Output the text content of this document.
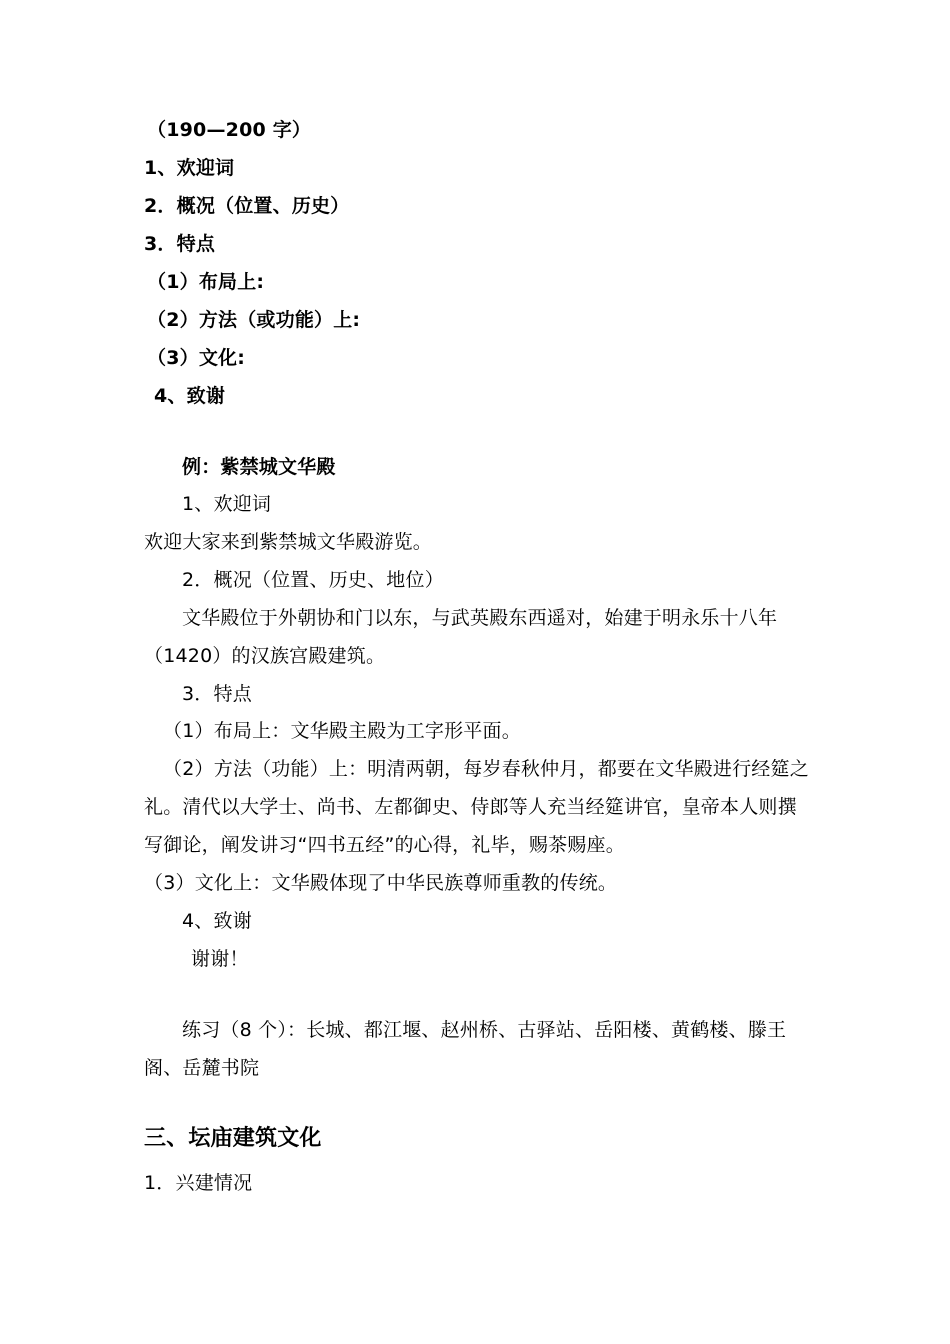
（190—200 字）
1、欢迎词
2．概况（位置、历史）
3．特点
（1）布局上:
（2）方法（或功能）上:
（3）文化:
4、致谢
例：紫禁城文华殿
1、欢迎词
欢迎大家来到紫禁城文华殿游览。
2．概况（位置、历史、地位）
文华殿位于外朝协和门以东，与武英殿东西遥对，始建于明永乐十八年
（1420）的汉族宫殿建筑。
3．特点
（1）布局上：文华殿主殿为工字形平面。
（2）方法（功能）上：明清两朝，每岁春秋仲月，都要在文华殿进行经筵之
礼。清代以大学士、尚书、左都御史、侍郎等人充当经筵讲官，皇帝本人则撰
写御论，阐发讲习“四书五经”的心得，礼毕，赐茶赐座。
（3）文化上：文华殿体现了中华民族尊师重教的传统。
4、致谢
谢谢！
练习（8 个）：长城、都江堰、赵州桥、古驿站、岳阳楼、黄鹤楼、滕王
阁、岳麓书院
三、坛庙建筑文化
1．兴建情况
